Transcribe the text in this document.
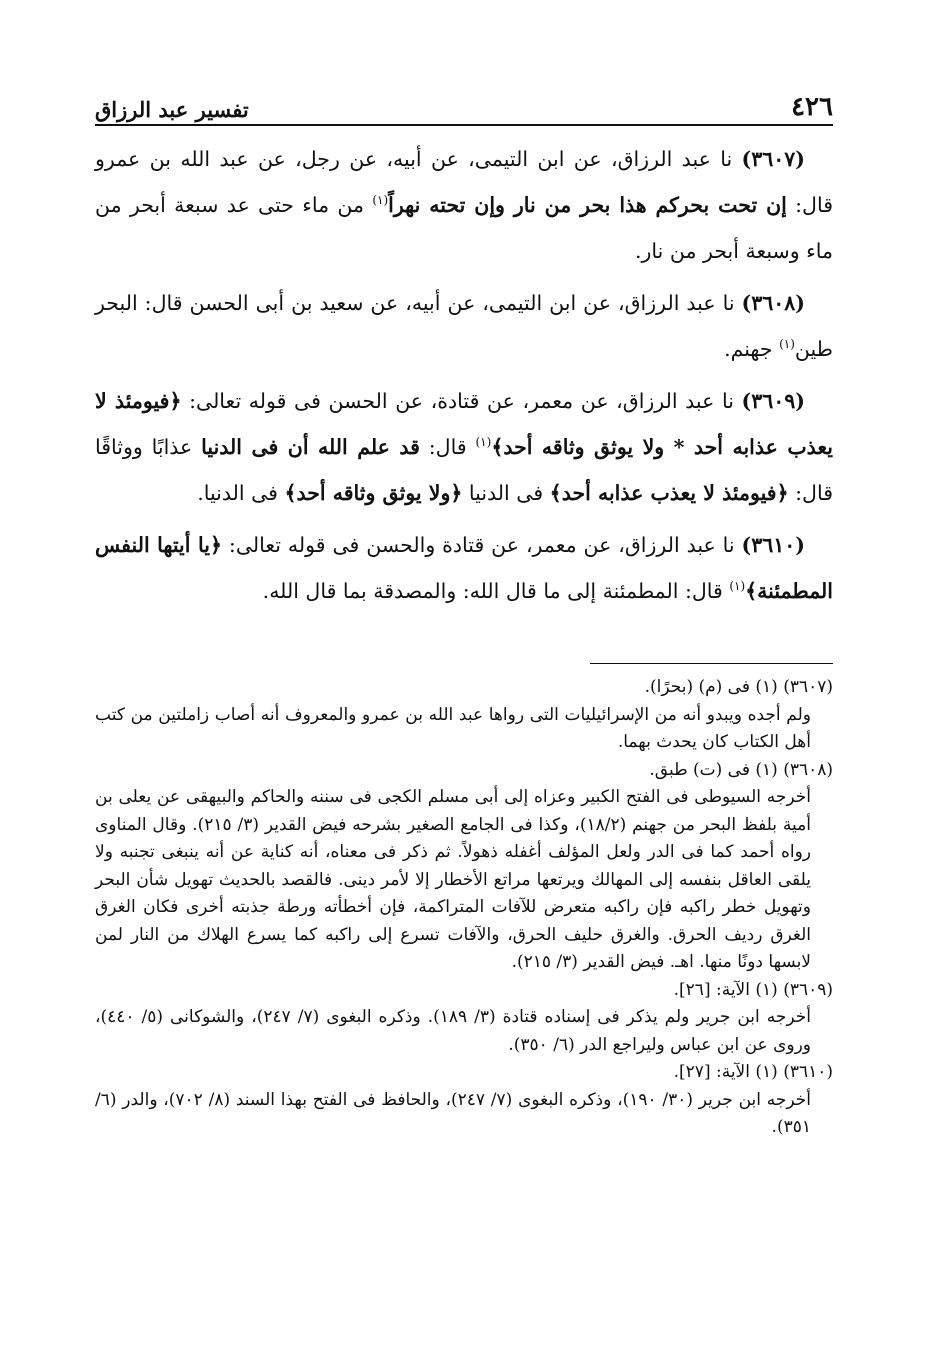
٤٢٦
تفسير عبد الرزاق

(٣٦٠٧) نا عبد الرزاق، عن ابن التيمى، عن أبيه، عن رجل، عن عبد الله بن عمرو قال: إن تحت بحركم هذا بحر من نار وإن تحته نهراً$^{(١)}$ من ماء حتى عد سبعة أبحر من ماء وسبعة أبحر من نار.

(٣٦٠٨) نا عبد الرزاق، عن ابن التيمى، عن أبيه، عن سعيد بن أبى الحسن قال: البحر طين$^{(١)}$ جهنم.

(٣٦٠٩) نا عبد الرزاق، عن معمر، عن قتادة، عن الحسن فى قوله تعالى: ﴿فيومئذ لا يعذب عذابه أحد * ولا يوثق وثاقه أحد﴾$^{(١)}$ قال: قد علم الله أن فى الدنيا عذابًا ووثاقًا قال: ﴿فيومئذ لا يعذب عذابه أحد﴾ فى الدنيا ﴿ولا يوثق وثاقه أحد﴾ فى الدنيا.

(٣٦١٠) نا عبد الرزاق، عن معمر، عن قتادة والحسن فى قوله تعالى: ﴿يا أيتها النفس المطمئنة﴾$^{(١)}$ قال: المطمئنة إلى ما قال الله: والمصدقة بما قال الله.

(٣٦٠٧) (١) فى (م) (بحرًا).

ولم أجده ويبدو أنه من الإسرائيليات التى رواها عبد الله بن عمرو والمعروف أنه أصاب زاملتين من كتب أهل الكتاب كان يحدث بهما.

(٣٦٠٨) (١) فى (ت) طبق.

أخرجه السيوطى فى الفتح الكبير وعزاه إلى أبى مسلم الكجى فى سننه والحاكم والبيهقى عن يعلى بن أمية بلفظ البحر من جهنم (١٨/٢)، وكذا فى الجامع الصغير بشرحه فيض القدير (٣/ ٢١٥). وقال المناوى رواه أحمد كما فى الدر ولعل المؤلف أغفله ذهولاً. ثم ذكر فى معناه، أنه كناية عن أنه ينبغى تجنبه ولا يلقى العاقل بنفسه إلى المهالك ويرتعها مراتع الأخطار إلا لأمر دينى. فالقصد بالحديث تهويل شأن البحر وتهويل خطر راكبه فإن راكبه متعرض للآفات المتراكمة، فإن أخطأته ورطة جذبته أخرى فكان الغرق الغرق رديف الحرق. والغرق حليف الحرق، والآفات تسرع إلى راكبه كما يسرع الهلاك من النار لمن لابسها دونًا منها. اهـ. فيض القدير (٣/ ٢١٥).

(٣٦٠٩) (١) الآية: [٢٦].

أخرجه ابن جرير ولم يذكر فى إسناده قتادة (٣/ ١٨٩). وذكره البغوى (٧/ ٢٤٧)، والشوكانى (٥/ ٤٤٠)، وروى عن ابن عباس وليراجع الدر (٦/ ٣٥٠).

(٣٦١٠) (١) الآية: [٢٧].

أخرجه ابن جرير (٣٠/ ١٩٠)، وذكره البغوى (٧/ ٢٤٧)، والحافظ فى الفتح بهذا السند (٨/ ٧٠٢)، والدر (٦/ ٣٥١).
